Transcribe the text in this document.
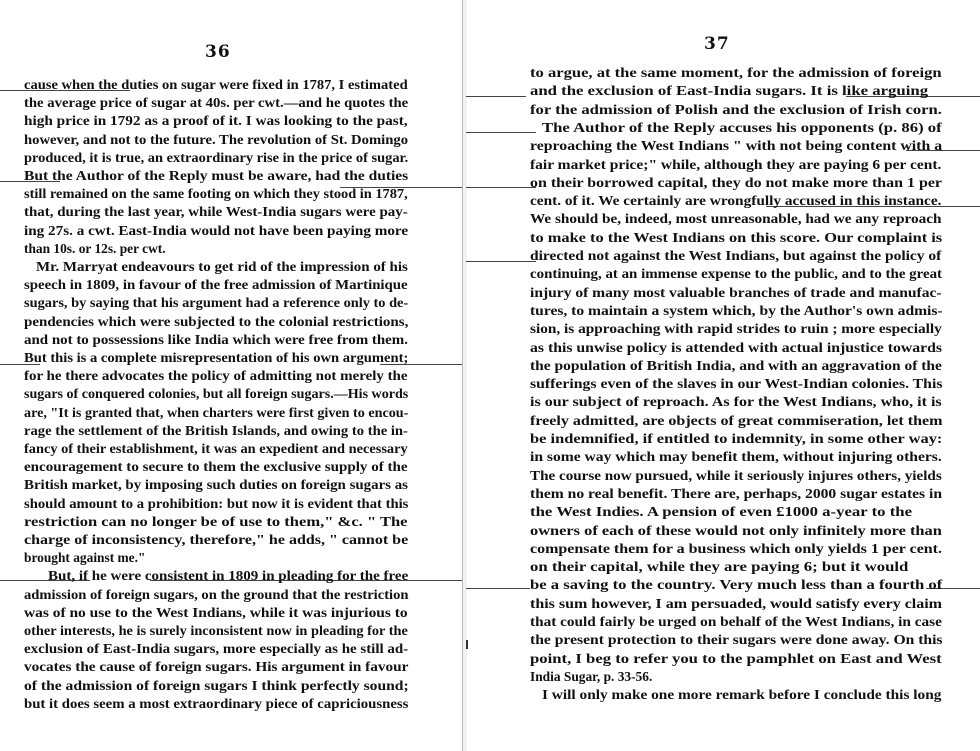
36
cause when the duties on sugar were fixed in 1787, I estimated
the average price of sugar at 40s. per cwt.—and he quotes the
high price in 1792 as a proof of it. I was looking to the past,
however, and not to the future. The revolution of St. Domingo
produced, it is true, an extraordinary rise in the price of sugar.
But the Author of the Reply must be aware, had the duties
still remained on the same footing on which they stood in 1787,
that, during the last year, while West-India sugars were pay-
ing 27s. a cwt. East-India would not have been paying more
than 10s. or 12s. per cwt.
Mr. Marryat endeavours to get rid of the impression of his
speech in 1809, in favour of the free admission of Martinique
sugars, by saying that his argument had a reference only to de-
pendencies which were subjected to the colonial restrictions,
and not to possessions like India which were free from them.
But this is a complete misrepresentation of his own argument;
for he there advocates the policy of admitting not merely the
sugars of conquered colonies, but all foreign sugars.—His words
are, "It is granted that, when charters were first given to encou-
rage the settlement of the British Islands, and owing to the in-
fancy of their establishment, it was an expedient and necessary
encouragement to secure to them the exclusive supply of the
British market, by imposing such duties on foreign sugars as
should amount to a prohibition: but now it is evident that this
restriction can no longer be of use to them," &c. " The
charge of inconsistency, therefore," he adds, " cannot be
brought against me."
But, if he were consistent in 1809 in pleading for the free
admission of foreign sugars, on the ground that the restriction
was of no use to the West Indians, while it was injurious to
other interests, he is surely inconsistent now in pleading for the
exclusion of East-India sugars, more especially as he still ad-
vocates the cause of foreign sugars. His argument in favour
of the admission of foreign sugars I think perfectly sound;
but it does seem a most extraordinary piece of capriciousness
37
to argue, at the same moment, for the admission of foreign
and the exclusion of East-India sugars. It is like arguing
for the admission of Polish and the exclusion of Irish corn.
The Author of the Reply accuses his opponents (p. 86) of
reproaching the West Indians " with not being content with a
fair market price;" while, although they are paying 6 per cent.
on their borrowed capital, they do not make more than 1 per
cent. of it. We certainly are wrongfully accused in this instance.
We should be, indeed, most unreasonable, had we any reproach
to make to the West Indians on this score. Our complaint is
directed not against the West Indians, but against the policy of
continuing, at an immense expense to the public, and to the great
injury of many most valuable branches of trade and manufac-
tures, to maintain a system which, by the Author's own admis-
sion, is approaching with rapid strides to ruin ; more especially
as this unwise policy is attended with actual injustice towards
the population of British India, and with an aggravation of the
sufferings even of the slaves in our West-Indian colonies. This
is our subject of reproach. As for the West Indians, who, it is
freely admitted, are objects of great commiseration, let them
be indemnified, if entitled to indemnity, in some other way:
in some way which may benefit them, without injuring others.
The course now pursued, while it seriously injures others, yields
them no real benefit. There are, perhaps, 2000 sugar estates in
the West Indies. A pension of even £1000 a-year to the
owners of each of these would not only infinitely more than
compensate them for a business which only yields 1 per cent.
on their capital, while they are paying 6; but it would
be a saving to the country. Very much less than a fourth of
this sum however, I am persuaded, would satisfy every claim
that could fairly be urged on behalf of the West Indians, in case
the present protection to their sugars were done away. On this
point, I beg to refer you to the pamphlet on East and West
India Sugar, p. 33-56.
I will only make one more remark before I conclude this long
